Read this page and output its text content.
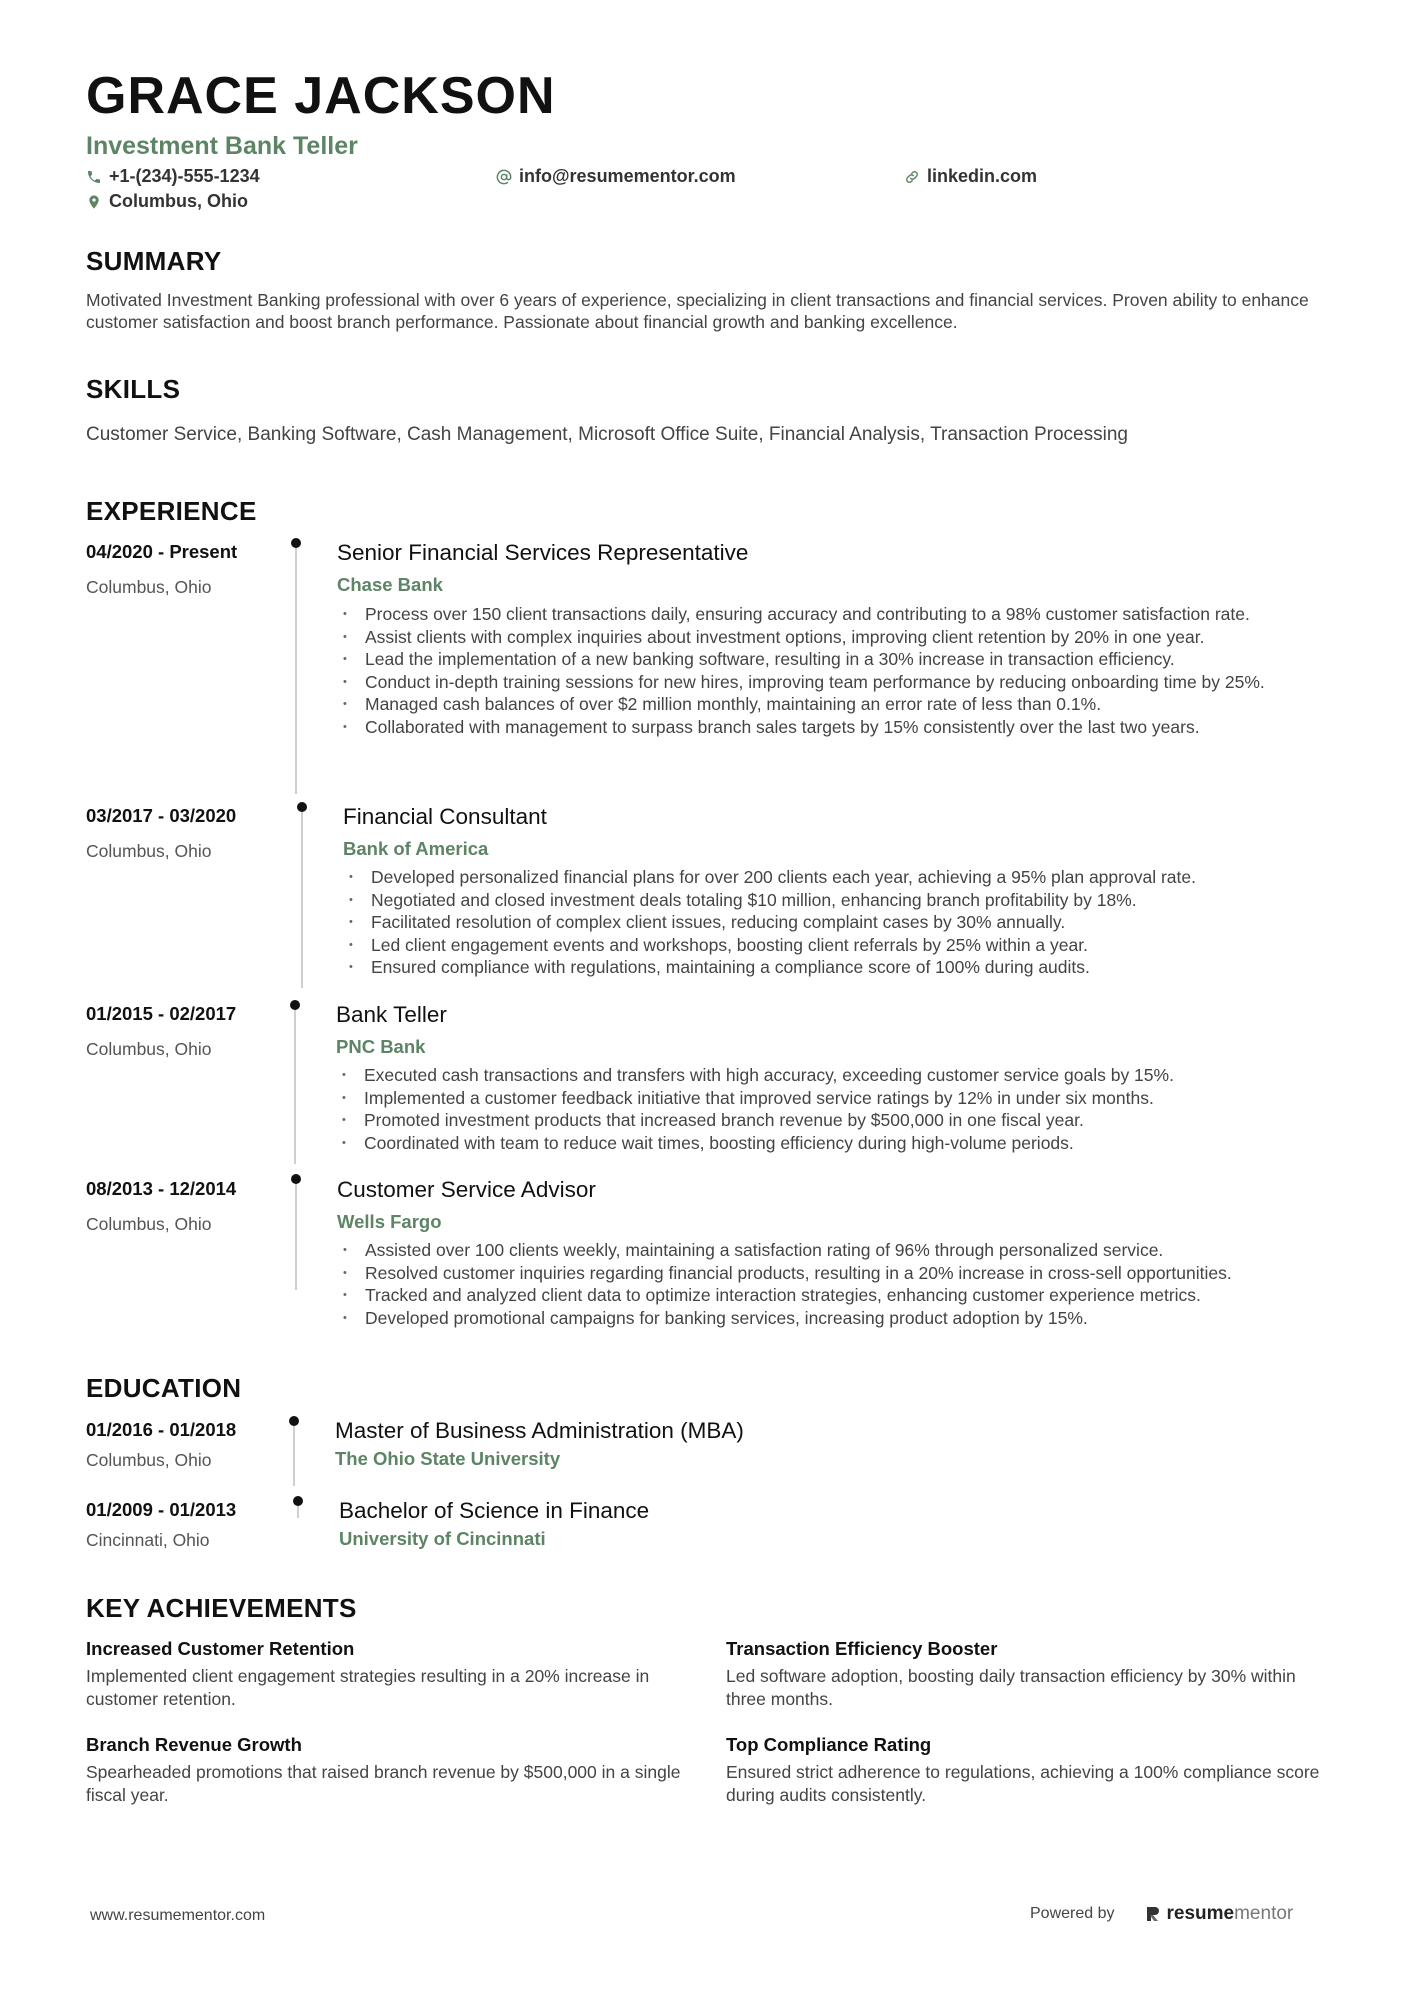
GRACE JACKSON
Investment Bank Teller
+1-(234)-555-1234	info@resumementor.com	linkedin.com
Columbus, Ohio
SUMMARY
Motivated Investment Banking professional with over 6 years of experience, specializing in client transactions and financial services. Proven ability to enhance customer satisfaction and boost branch performance. Passionate about financial growth and banking excellence.
SKILLS
Customer Service, Banking Software, Cash Management, Microsoft Office Suite, Financial Analysis, Transaction Processing
EXPERIENCE
04/2020 - Present
Columbus, Ohio
Senior Financial Services Representative
Chase Bank
• Process over 150 client transactions daily, ensuring accuracy and contributing to a 98% customer satisfaction rate.
• Assist clients with complex inquiries about investment options, improving client retention by 20% in one year.
• Lead the implementation of a new banking software, resulting in a 30% increase in transaction efficiency.
• Conduct in-depth training sessions for new hires, improving team performance by reducing onboarding time by 25%.
• Managed cash balances of over $2 million monthly, maintaining an error rate of less than 0.1%.
• Collaborated with management to surpass branch sales targets by 15% consistently over the last two years.
03/2017 - 03/2020
Columbus, Ohio
Financial Consultant
Bank of America
• Developed personalized financial plans for over 200 clients each year, achieving a 95% plan approval rate.
• Negotiated and closed investment deals totaling $10 million, enhancing branch profitability by 18%.
• Facilitated resolution of complex client issues, reducing complaint cases by 30% annually.
• Led client engagement events and workshops, boosting client referrals by 25% within a year.
• Ensured compliance with regulations, maintaining a compliance score of 100% during audits.
01/2015 - 02/2017
Columbus, Ohio
Bank Teller
PNC Bank
• Executed cash transactions and transfers with high accuracy, exceeding customer service goals by 15%.
• Implemented a customer feedback initiative that improved service ratings by 12% in under six months.
• Promoted investment products that increased branch revenue by $500,000 in one fiscal year.
• Coordinated with team to reduce wait times, boosting efficiency during high-volume periods.
08/2013 - 12/2014
Columbus, Ohio
Customer Service Advisor
Wells Fargo
• Assisted over 100 clients weekly, maintaining a satisfaction rating of 96% through personalized service.
• Resolved customer inquiries regarding financial products, resulting in a 20% increase in cross-sell opportunities.
• Tracked and analyzed client data to optimize interaction strategies, enhancing customer experience metrics.
• Developed promotional campaigns for banking services, increasing product adoption by 15%.
EDUCATION
01/2016 - 01/2018
Columbus, Ohio
Master of Business Administration (MBA)
The Ohio State University
01/2009 - 01/2013
Cincinnati, Ohio
Bachelor of Science in Finance
University of Cincinnati
KEY ACHIEVEMENTS
Increased Customer Retention
Implemented client engagement strategies resulting in a 20% increase in customer retention.
Transaction Efficiency Booster
Led software adoption, boosting daily transaction efficiency by 30% within three months.
Branch Revenue Growth
Spearheaded promotions that raised branch revenue by $500,000 in a single fiscal year.
Top Compliance Rating
Ensured strict adherence to regulations, achieving a 100% compliance score during audits consistently.
www.resumementor.com	Powered by	resume mentor
